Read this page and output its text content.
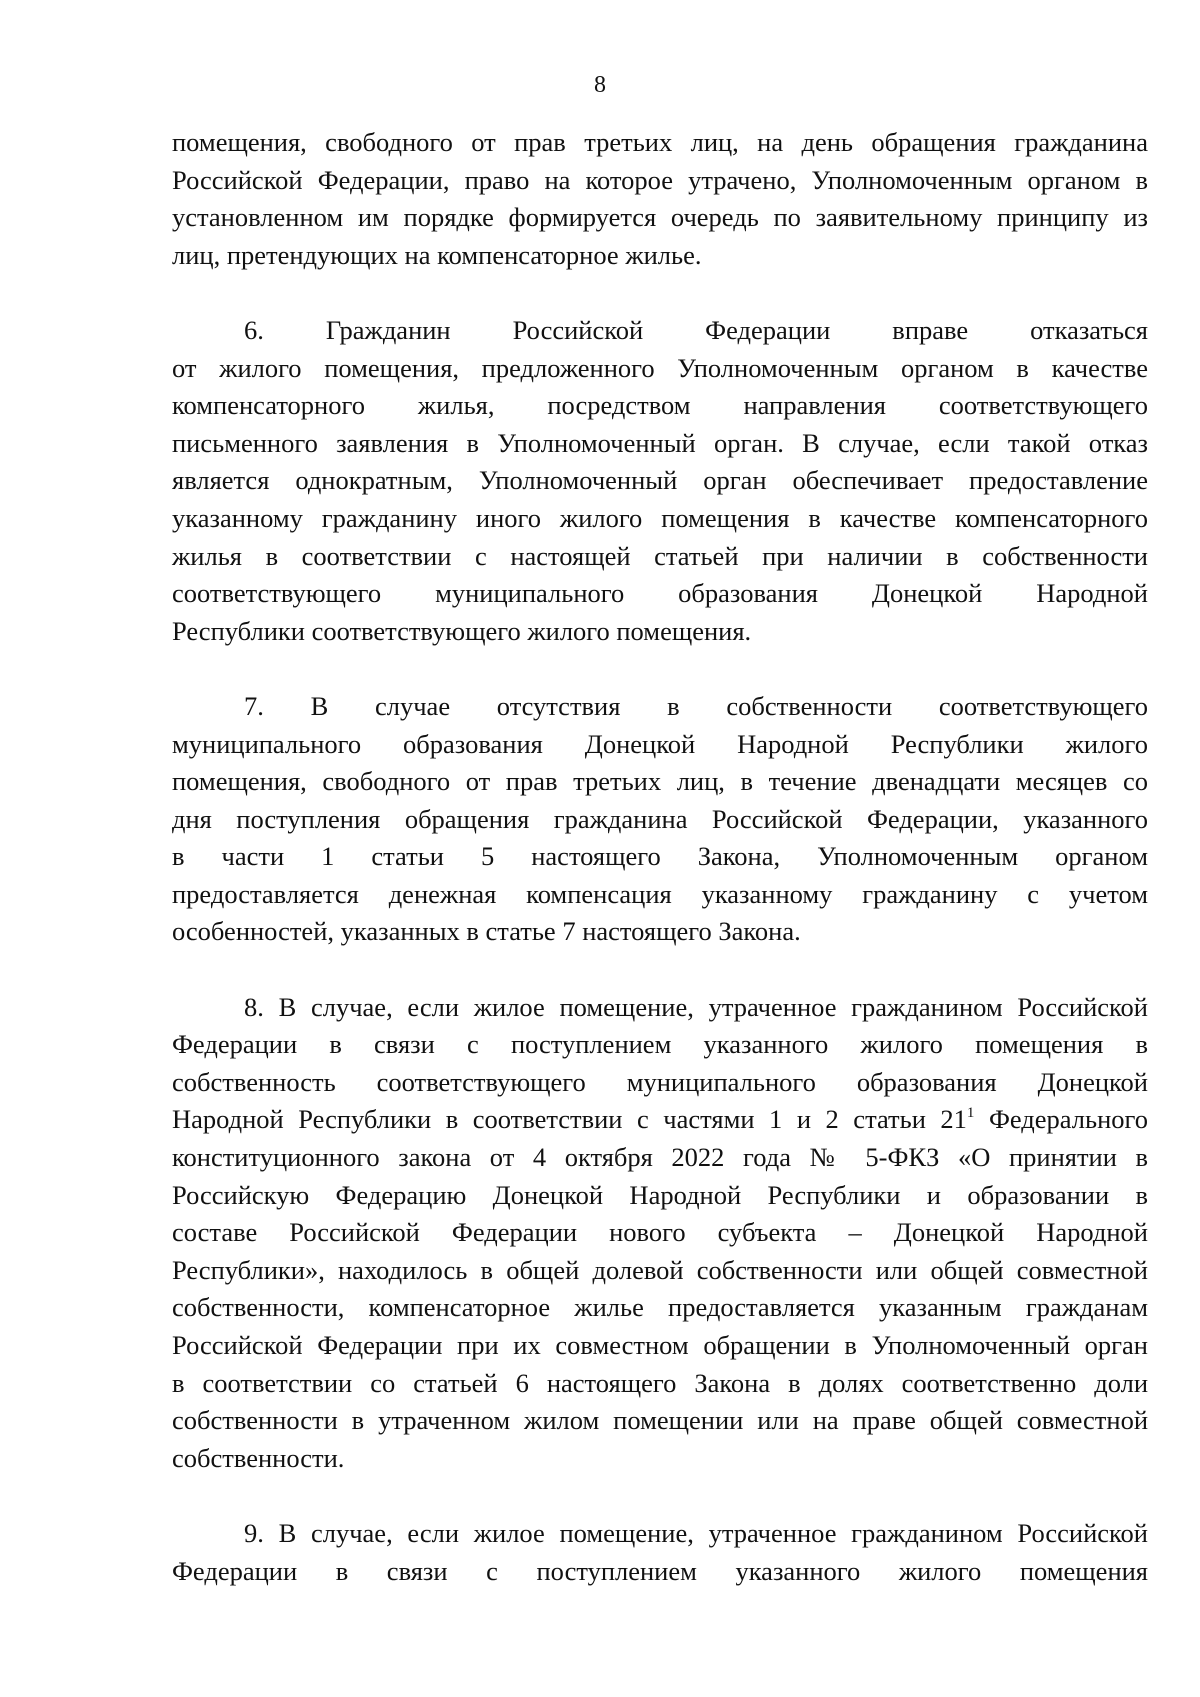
8

помещения, свободного от прав третьих лиц, на день обращения гражданина
Российской Федерации, право на которое утрачено, Уполномоченным органом в
установленном им порядке формируется очередь по заявительному принципу из
лиц, претендующих на компенсаторное жилье.

6. Гражданин Российской Федерации вправе отказаться
от жилого помещения, предложенного Уполномоченным органом в качестве
компенсаторного жилья, посредством направления соответствующего
письменного заявления в Уполномоченный орган. В случае, если такой отказ
является однократным, Уполномоченный орган обеспечивает предоставление
указанному гражданину иного жилого помещения в качестве компенсаторного
жилья в соответствии с настоящей статьей при наличии в собственности
соответствующего муниципального образования Донецкой Народной
Республики соответствующего жилого помещения.

7. В случае отсутствия в собственности соответствующего
муниципального образования Донецкой Народной Республики жилого
помещения, свободного от прав третьих лиц, в течение двенадцати месяцев со
дня поступления обращения гражданина Российской Федерации, указанного
в части 1 статьи 5 настоящего Закона, Уполномоченным органом
предоставляется денежная компенсация указанному гражданину с учетом
особенностей, указанных в статье 7 настоящего Закона.

8. В случае, если жилое помещение, утраченное гражданином Российской
Федерации в связи с поступлением указанного жилого помещения в
собственность соответствующего муниципального образования Донецкой
Народной Республики в соответствии с частями 1 и 2 статьи $21^1$ Федерального
конституционного закона от 4 октября 2022 года № 5-ФКЗ «О принятии в
Российскую Федерацию Донецкой Народной Республики и образовании в
составе Российской Федерации нового субъекта – Донецкой Народной
Республики», находилось в общей долевой собственности или общей совместной
собственности, компенсаторное жилье предоставляется указанным гражданам
Российской Федерации при их совместном обращении в Уполномоченный орган
в соответствии со статьей 6 настоящего Закона в долях соответственно доли
собственности в утраченном жилом помещении или на праве общей совместной
собственности.

9. В случае, если жилое помещение, утраченное гражданином Российской
Федерации в связи с поступлением указанного жилого помещения
